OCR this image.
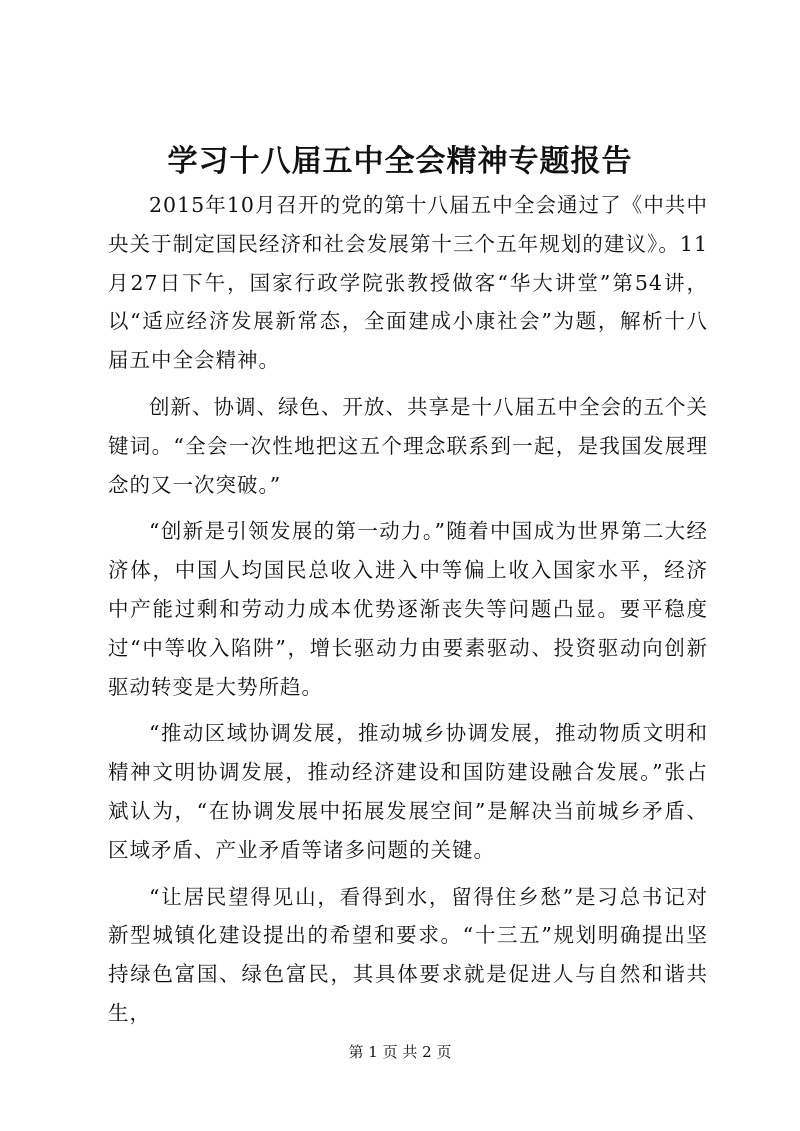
学习十八届五中全会精神专题报告

2015年10月召开的党的第十八届五中全会通过了《中共中央关于制定国民经济和社会发展第十三个五年规划的建议》。11月27日下午，国家行政学院张教授做客“华大讲堂”第54讲，以“适应经济发展新常态，全面建成小康社会”为题，解析十八届五中全会精神。

创新、协调、绿色、开放、共享是十八届五中全会的五个关键词。“全会一次性地把这五个理念联系到一起，是我国发展理念的又一次突破。”

“创新是引领发展的第一动力。”随着中国成为世界第二大经济体，中国人均国民总收入进入中等偏上收入国家水平，经济中产能过剩和劳动力成本优势逐渐丧失等问题凸显。要平稳度过“中等收入陷阱”，增长驱动力由要素驱动、投资驱动向创新驱动转变是大势所趋。

“推动区域协调发展，推动城乡协调发展，推动物质文明和精神文明协调发展，推动经济建设和国防建设融合发展。”张占斌认为，“在协调发展中拓展发展空间”是解决当前城乡矛盾、区域矛盾、产业矛盾等诸多问题的关键。

“让居民望得见山，看得到水，留得住乡愁”是习总书记对新型城镇化建设提出的希望和要求。“十三五”规划明确提出坚持绿色富国、绿色富民，其具体要求就是促进人与自然和谐共生，

第 1 页 共 2 页
